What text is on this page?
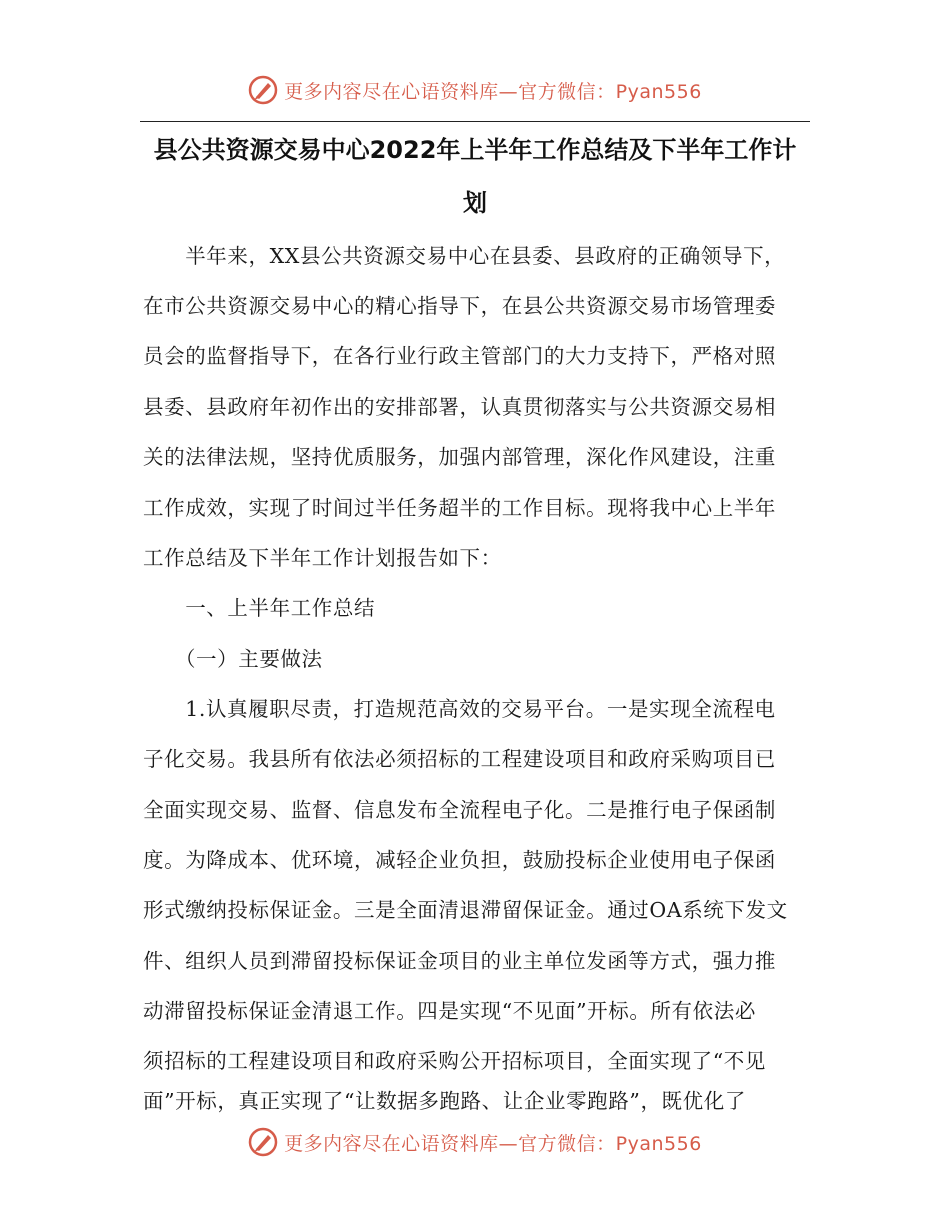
更多内容尽在心语资料库—官方微信：Pyan556
县公共资源交易中心2022年上半年工作总结及下半年工作计
划
　　半年来，XX县公共资源交易中心在县委、县政府的正确领导下，
在市公共资源交易中心的精心指导下，在县公共资源交易市场管理委
员会的监督指导下，在各行业行政主管部门的大力支持下，严格对照
县委、县政府年初作出的安排部署，认真贯彻落实与公共资源交易相
关的法律法规，坚持优质服务，加强内部管理，深化作风建设，注重
工作成效，实现了时间过半任务超半的工作目标。现将我中心上半年
工作总结及下半年工作计划报告如下：
　　一、上半年工作总结
　　（一）主要做法
　　1.认真履职尽责，打造规范高效的交易平台。一是实现全流程电
子化交易。我县所有依法必须招标的工程建设项目和政府采购项目已
全面实现交易、监督、信息发布全流程电子化。二是推行电子保函制
度。为降成本、优环境，减轻企业负担，鼓励投标企业使用电子保函
形式缴纳投标保证金。三是全面清退滞留保证金。通过OA系统下发文
件、组织人员到滞留投标保证金项目的业主单位发函等方式，强力推
动滞留投标保证金清退工作。四是实现“不见面”开标。所有依法必
须招标的工程建设项目和政府采购公开招标项目，全面实现了“不见
面”开标，真正实现了“让数据多跑路、让企业零跑路”，既优化了
更多内容尽在心语资料库—官方微信：Pyan556
